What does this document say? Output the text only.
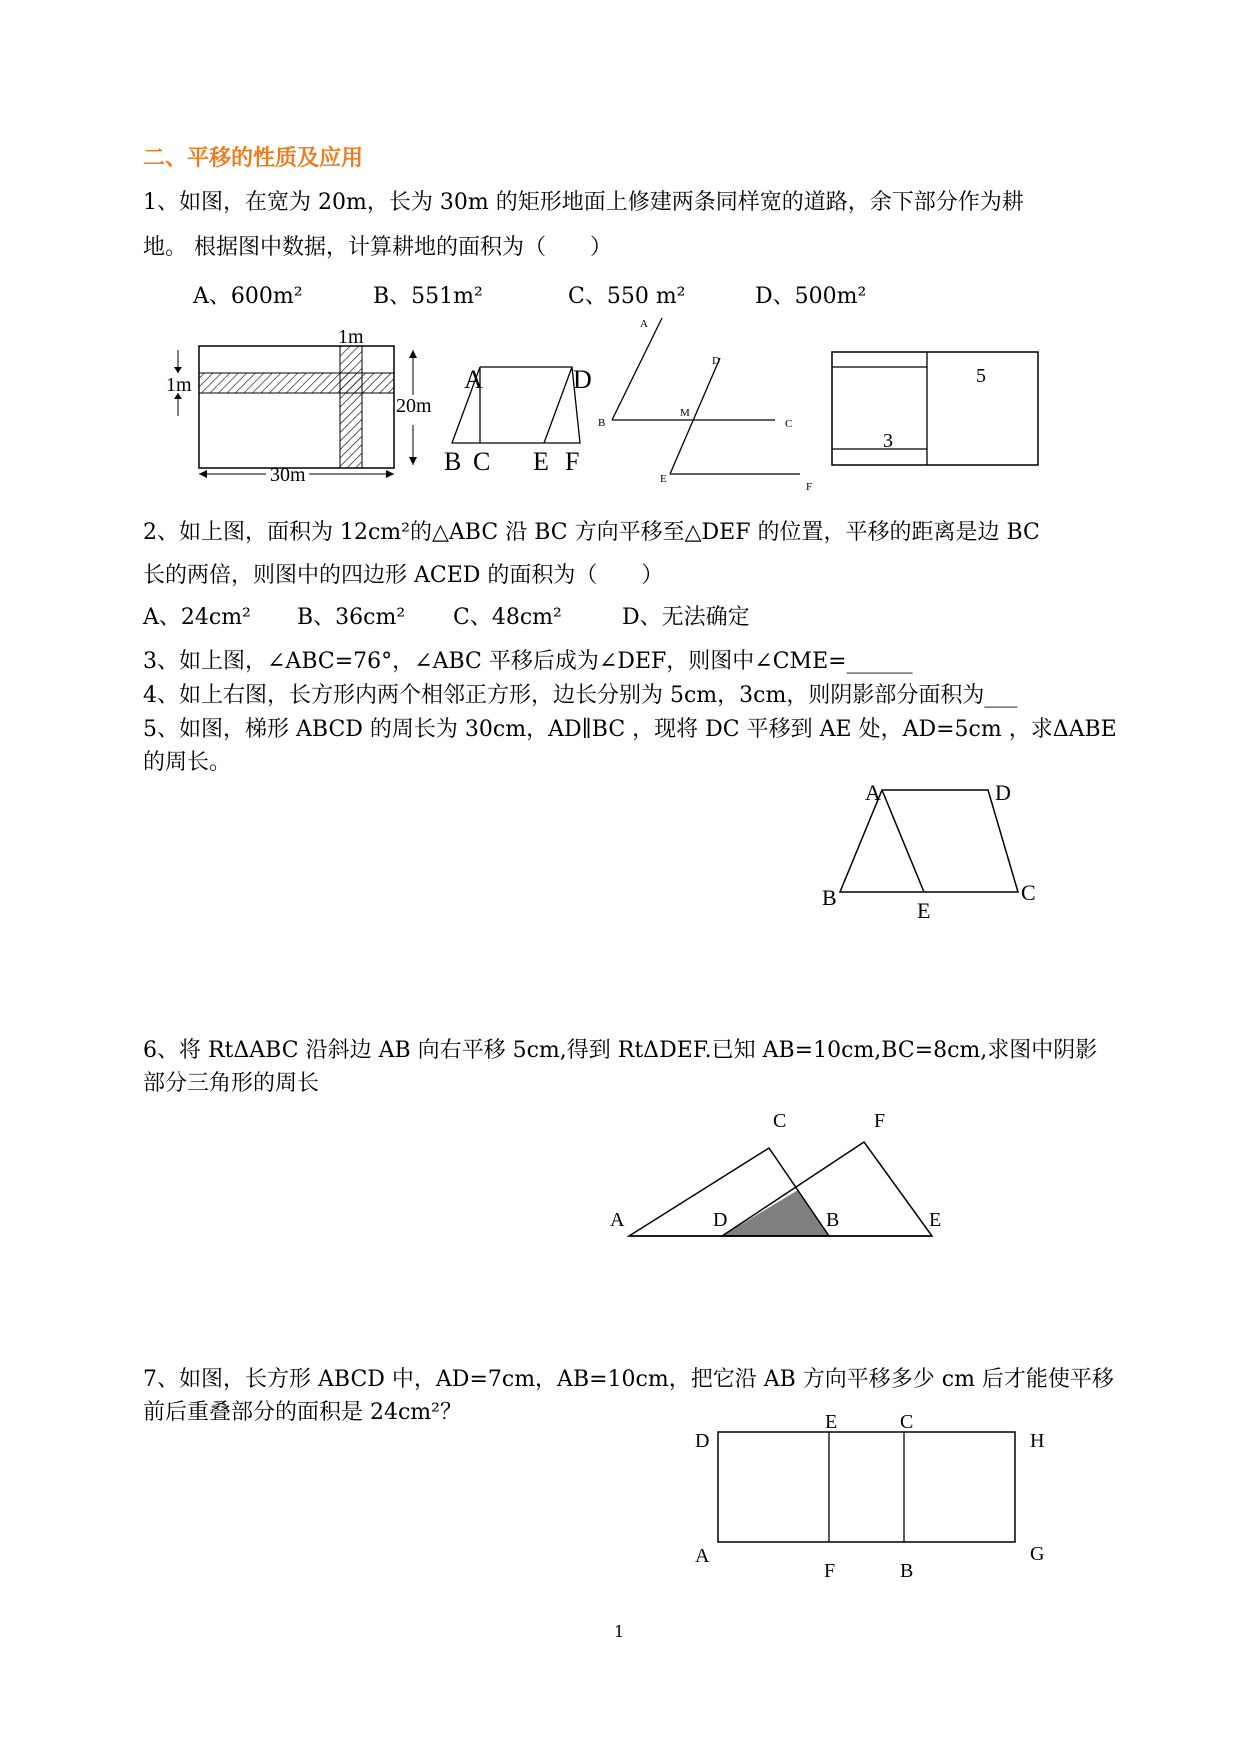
二、平移的性质及应用
1、如图，在宽为 20m，长为 30m 的矩形地面上修建两条同样宽的道路，余下部分作为耕
地。 根据图中数据，计算耕地的面积为（　　）
A、600m²	B、551m²	C、550 m²	D、500m²
1m
1m
20m
30m
A	D
B C E F
A
D
B
M
C
E
F
5
3
2、如上图，面积为 12cm²的△ABC 沿 BC 方向平移至△DEF 的位置，平移的距离是边 BC
长的两倍，则图中的四边形 ACED 的面积为（　　）
A、24cm² B、36cm² C、48cm²	D、无法确定
3、如上图，∠ABC=76°，∠ABC 平移后成为∠DEF，则图中∠CME=______
4、如上右图，长方形内两个相邻正方形，边长分别为 5cm，3cm，则阴影部分面积为___
5、如图，梯形 ABCD 的周长为 30cm，AD∥BC ，现将 DC 平移到 AE 处，AD=5cm ，求ΔABE
的周长。
A	D
B
E
C
6、将 RtΔABC 沿斜边 AB 向右平移 5cm,得到 RtΔDEF.已知 AB=10cm,BC=8cm,求图中阴影
部分三角形的周长
C	F
A	D	B	E
7、如图，长方形 ABCD 中，AD=7cm，AB=10cm，把它沿 AB 方向平移多少 cm 后才能使平移
前后重叠部分的面积是 24cm²？
D
E	C
H
A
F	B
G
1
